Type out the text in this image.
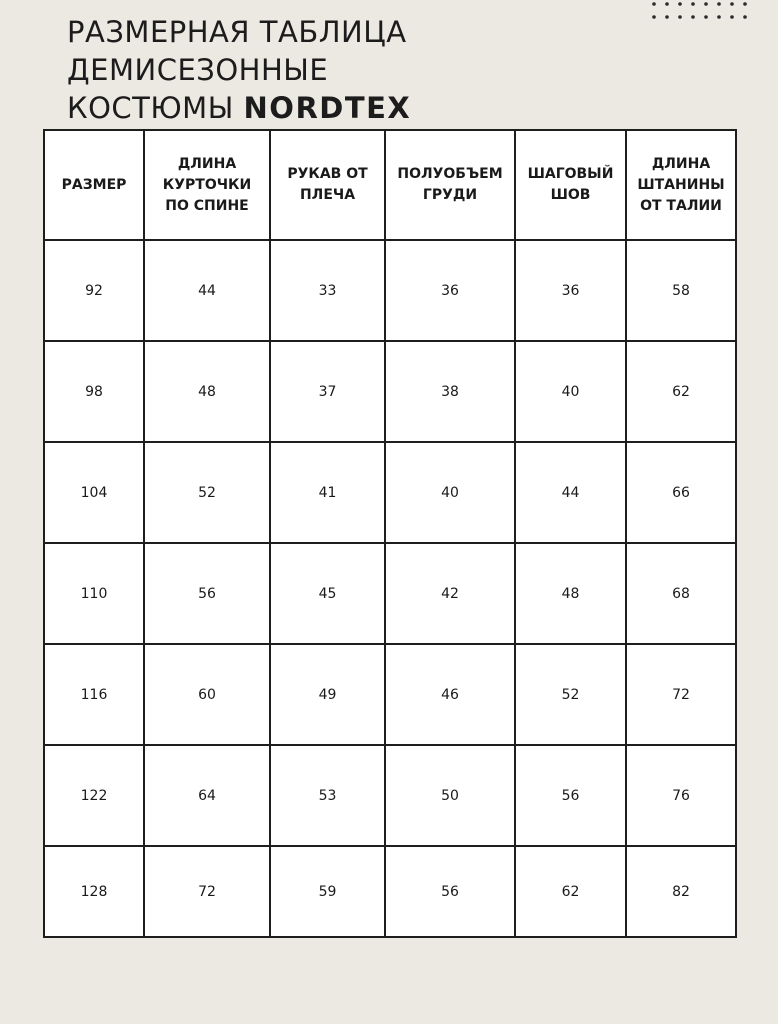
РАЗМЕРНАЯ ТАБЛИЦА
ДЕМИСЕЗОННЫЕ
КОСТЮМЫ NORDTEX
РАЗМЕР	ДЛИНА КУРТОЧКИ ПО СПИНЕ	РУКАВ ОТ ПЛЕЧА	ПОЛУОБЪЕМ ГРУДИ	ШАГОВЫЙ ШОВ	ДЛИНА ШТАНИНЫ ОТ ТАЛИИ
92	44	33	36	36	58
98	48	37	38	40	62
104	52	41	40	44	66
110	56	45	42	48	68
116	60	49	46	52	72
122	64	53	50	56	76
128	72	59	56	62	82
